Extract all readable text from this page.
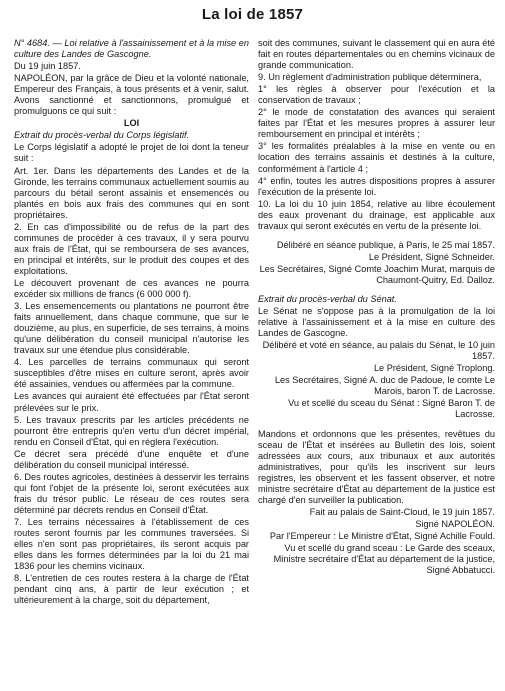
La loi de 1857

N° 4684. — Loi relative à l'assainissement et à la mise en culture des Landes de Gascogne.

Du 19 juin 1857.

NAPOLÉON, par la grâce de Dieu et la volonté nationale, Empereur des Français, à tous présents et à venir, salut. Avons sanctionné et sanctionnons, promulgué et promulguons ce qui suit :

LOI

Extrait du procès-verbal du Corps législatif.

Le Corps législatif a adopté le projet de loi dont la teneur suit :

Art. 1er. Dans les départements des Landes et de la Gironde, les terrains communaux actuellement soumis au parcours du bétail seront assainis et ensemencés ou plantés en bois aux frais des communes qui en sont propriétaires.

2. En cas d'impossibilité ou de refus de la part des communes de procéder à ces travaux, il y sera pourvu aux frais de l'État, qui se remboursera de ses avances, en principal et intérêts, sur le produit des coupes et des exploitations.

Le découvert provenant de ces avances ne pourra excéder six millions de francs (6 000 000 f).

3. Les ensemencements ou plantations ne pourront être faits annuellement, dans chaque commune, que sur le douzième, au plus, en superficie, de ses terrains, à moins qu'une délibération du conseil municipal n'autorise les travaux sur une étendue plus considérable.

4. Les parcelles de terrains communaux qui seront susceptibles d'être mises en culture seront, après avoir été assainies, vendues ou affermées par la commune.

Les avances qui auraient été effectuées par l'État seront prélevées sur le prix.

5. Les travaux prescrits par les articles précédents ne pourront être entrepris qu'en vertu d'un décret impérial, rendu en Conseil d'État, qui en réglera l'exécution.

Ce décret sera précédé d'une enquête et d'une délibération du conseil municipal intéressé.

6. Des routes agricoles, destinées à desservir les terrains qui font l'objet de la présente loi, seront exécutées aux frais du trésor public. Le réseau de ces routes sera déterminé par décrets rendus en Conseil d'État.

7. Les terrains nécessaires à l'établissement de ces routes seront fournis par les communes traversées. Si elles n'en sont pas propriétaires, ils seront acquis par elles dans les formes déterminées par la loi du 21 mai 1836 pour les chemins vicinaux.

8. L'entretien de ces routes restera à la charge de l'État pendant cinq ans, à partir de leur exécution ; et ultérieurement à la charge, soit du département,

soit des communes, suivant le classement qui en aura été fait en routes départementales ou en chemins vicinaux de grande communication.

9. Un règlement d'administration publique déterminera,

1° les règles à observer pour l'exécution et la conservation de travaux ;

2° le mode de constatation des avances qui seraient faites par l'État et les mesures propres à assurer leur remboursement en principal et intérêts ;

3° les formalités préalables à la mise en vente ou en location des terrains assainis et destinés à la culture, conformément à l'article 4 ;

4° enfin, toutes les autres dispositions propres à assurer l'exécution de la présente loi.

10. La loi du 10 juin 1854, relative au libre écoulement des eaux provenant du drainage, est applicable aux travaux qui seront exécutés en vertu de la présente loi.

Délibéré en séance publique, à Paris, le 25 mai 1857.

Le Président, Signé Schneider.

Les Secrétaires, Signé Comte Joachim Murat, marquis de Chaumont-Quitry, Ed. Dalloz.

Extrait du procès-verbal du Sénat.

Le Sénat ne s'oppose pas à la promulgation de la loi relative à l'assainissement et à la mise en culture des Landes de Gascogne.

Délibéré et voté en séance, au palais du Sénat, le 10 juin 1857.

Le Président, Signé Troplong.

Les Secrétaires, Signé A. duc de Padoue, le comte Le Marois, baron T. de Lacrosse.

Vu et scellé du sceau du Sénat : Signé Baron T. de Lacrosse.

Mandons et ordonnons que les présentes, revêtues du sceau de l'État et insérées au Bulletin des lois, soient adressées aux cours, aux tribunaux et aux autorités administratives, pour qu'ils les inscrivent sur leurs registres, les observent et les fassent observer, et notre ministre secrétaire d'État au département de la justice est chargé d'en surveiller la publication.

Fait au palais de Saint-Cloud, le 19 juin 1857.

Signé NAPOLÉON.

Par l'Empereur : Le Ministre d'État, Signé Achille Fould.

Vu et scellé du grand sceau : Le Garde des sceaux, Ministre secrétaire d'État au département de la justice, Signé Abbatucci.
